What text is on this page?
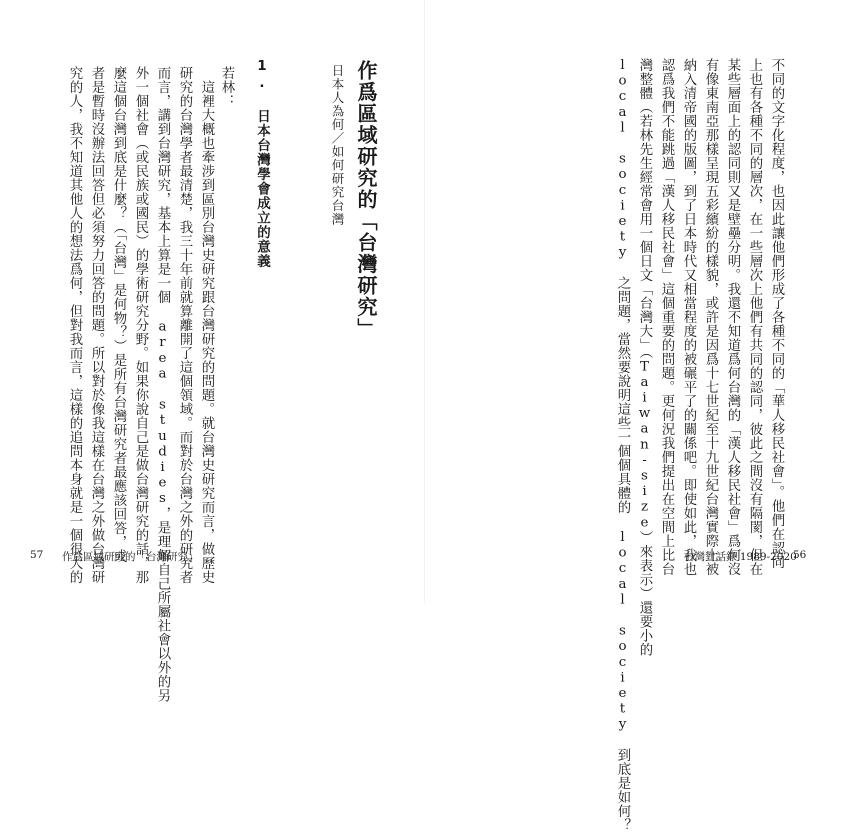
作爲區域研究的「台灣研究」
日本人為何／如何研究台灣
1. 日本台灣學會成立的意義
若林：
　這裡大概也牽涉到區別台灣史研究跟台灣研究的問題。就台灣史研究而言，做歷史
研究的台灣學者最清楚，我三十年前就算離開了這個領域。而對於台灣之外的研究者
而言，講到台灣研究，基本上算是一個 area studies，是理解自己所屬社會以外的另
外一個社會（或民族或國民）的學術研究分野。如果你說自己是做台灣研究的話，那
麼這個台灣到底是什麼？（「台灣」是何物？）是所有台灣研究者最應該回答，或
者是暫時沒辦法回答但必須努力回答的問題。所以對於像我這樣在台灣之外做台灣研
究的人，我不知道其他人的想法爲何，但對我而言，這樣的追問本身就是一個很大的
57 作爲區域研究的「台灣研究」	不同的文字化程度，也因此讓他們形成了各種不同的「華人移民社會」。他們在認同
上也有各種不同的層次，在一些層次上他們有共同的認同，彼此之間沒有隔閡，但在
某些層面上的認同則又是壁壘分明。我還不知道爲何台灣的「漢人移民社會」爲何沒
有像東南亞那樣呈現五彩繽紛的樣貌，或許是因爲十七世紀至十九世紀台灣實際上被
納入清帝國的版圖，到了日本時代又相當程度的被碾平了的關係吧。即使如此，我也
認爲我們不能跳過「漢人移民社會」這個重要的問題。更何況我們提出在空間上比台
灣整體（若林先生經常會用一個日文「台灣大」（Taiwan-size）來表示）還要小的
local society 之問題，當然要說明這些一個個具體的 local society 到底是如何？	台灣對話錄 1989-2020
56
